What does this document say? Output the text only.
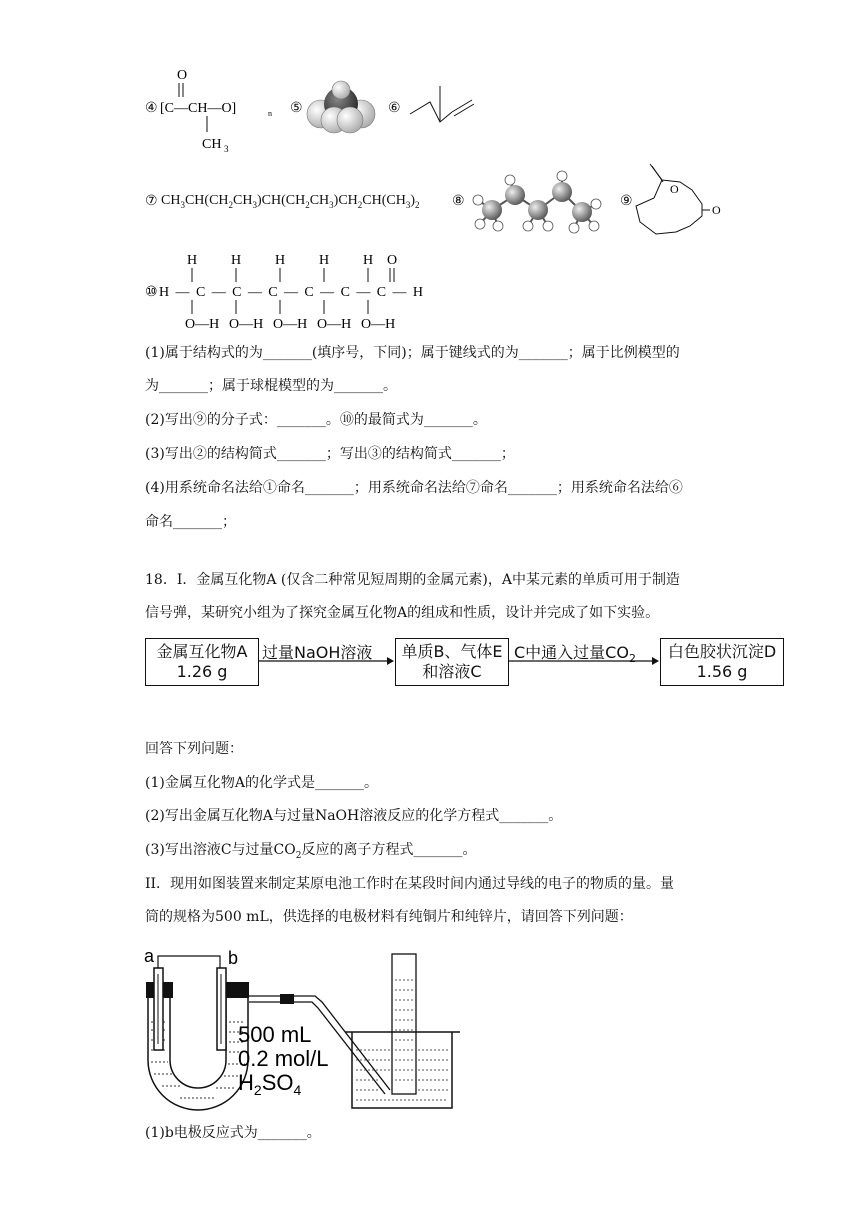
④
O
[C—CH—O]	n
CH 3
⑤	⑥
⑦ $CH_3CH(CH_2CH_3)CH(CH_2CH_3)CH_2CH(CH_3)_2$ ⑧	⑨
O
O
⑩
H H H H H O
H—C—C—C—C—C—C—H
O—H O—H O—H O—H O—H
(1)属于结构式的为_______(填序号，下同)；属于键线式的为_______；属于比例模型的
为_______；属于球棍模型的为_______。
(2)写出⑨的分子式：_______。⑩的最简式为_______。
(3)写出②的结构简式_______；写出③的结构简式_______；
(4)用系统命名法给①命名_______；用系统命名法给⑦命名_______；用系统命名法给⑥
命名_______；
18．I．金属互化物A (仅含二种常见短周期的金属元素)，A中某元素的单质可用于制造
信号弹，某研究小组为了探究金属互化物A的组成和性质，设计并完成了如下实验。
金属互化物A
1.26 g
过量NaOH溶液	单质B、气体E
和溶液C
C中通入过量$CO_2$	白色胶状沉淀D
1.56 g
回答下列问题：
(1)金属互化物A的化学式是_______。
(2)写出金属互化物A与过量NaOH溶液反应的化学方程式_______。
(3)写出溶液C与过量$CO_2$反应的离子方程式_______。
II．现用如图装置来制定某原电池工作时在某段时间内通过导线的电子的物质的量。量
筒的规格为500 mL，供选择的电极材料有纯铜片和纯锌片，请回答下列问题：
a	b
500 mL
0.2 mol/L
$H_2SO_4$
(1)b电极反应式为_______。
